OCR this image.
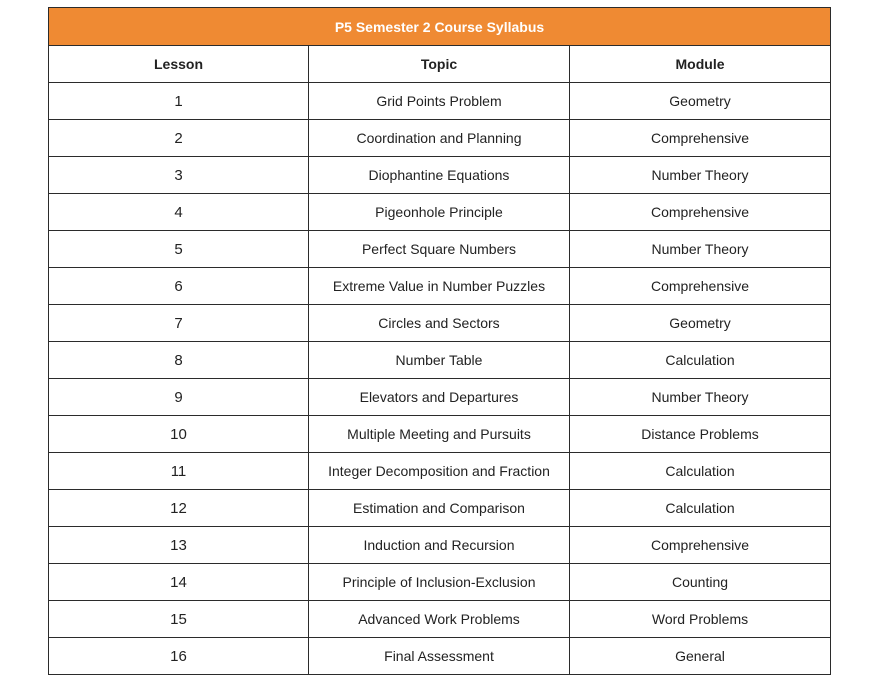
P5 Semester 2 Course Syllabus		
Lesson	Topic	Module
1	Grid Points Problem	Geometry
2	Coordination and Planning	Comprehensive
3	Diophantine Equations	Number Theory
4	Pigeonhole Principle	Comprehensive
5	Perfect Square Numbers	Number Theory
6	Extreme Value in Number Puzzles	Comprehensive
7	Circles and Sectors	Geometry
8	Number Table	Calculation
9	Elevators and Departures	Number Theory
10	Multiple Meeting and Pursuits	Distance Problems
11	Integer Decomposition and Fraction	Calculation
12	Estimation and Comparison	Calculation
13	Induction and Recursion	Comprehensive
14	Principle of Inclusion-Exclusion	Counting
15	Advanced Work Problems	Word Problems
16	Final Assessment	General
